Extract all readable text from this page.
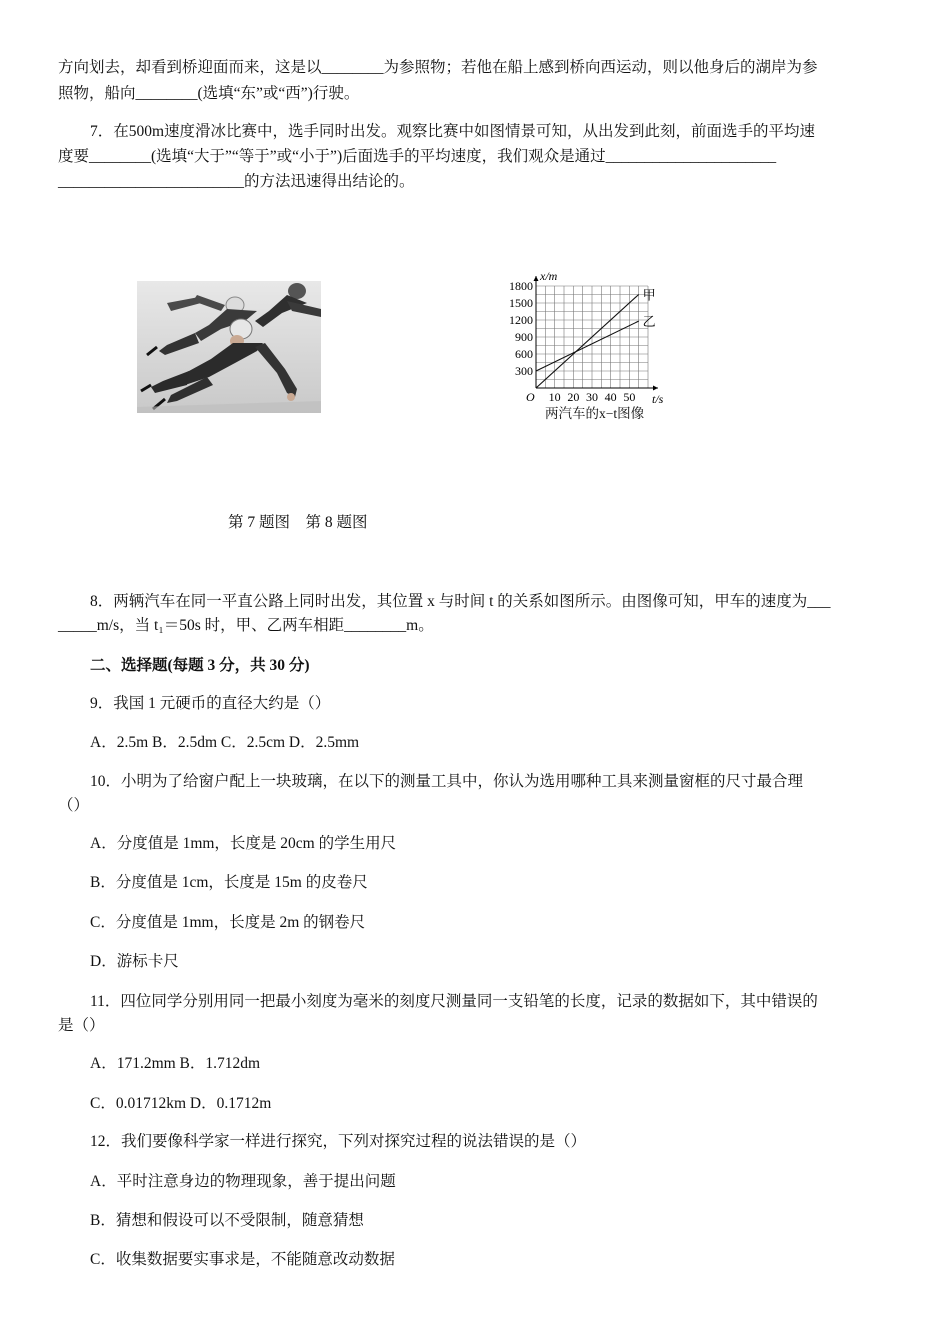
方向划去，却看到桥迎面而来，这是以________为参照物；若他在船上感到桥向西运动，则以他身后的湖岸为参
照物，船向________(选填“东”或“西”)行驶。
7．在500m速度滑冰比赛中，选手同时出发。观察比赛中如图情景可知，从出发到此刻，前面选手的平均速
度要________(选填“大于”“等于”或“小于”)后面选手的平均速度，我们观众是通过______________________
________________________的方法迅速得出结论的。
10 20 30 40 50
300
600
900
1200
1500
1800
O	t/s
x/m
甲
乙
两汽车的x−t图像
第 7 题图　第 8 题图
8．两辆汽车在同一平直公路上同时出发，其位置 x 与时间 t 的关系如图所示。由图像可知，甲车的速度为___
_____m/s，当 t₁＝50s 时，甲、乙两车相距________m。
二、选择题(每题 3 分，共 30 分)
9．我国 1 元硬币的直径大约是（）
A．2.5m B．2.5dm C．2.5cm D．2.5mm
10．小明为了给窗户配上一块玻璃，在以下的测量工具中，你认为选用哪种工具来测量窗框的尺寸最合理
（）
A．分度值是 1mm，长度是 20cm 的学生用尺
B．分度值是 1cm，长度是 15m 的皮卷尺
C．分度值是 1mm，长度是 2m 的钢卷尺
D．游标卡尺
11．四位同学分别用同一把最小刻度为毫米的刻度尺测量同一支铅笔的长度，记录的数据如下，其中错误的
是（）
A．171.2mm B．1.712dm
C．0.01712km D．0.1712m
12．我们要像科学家一样进行探究，下列对探究过程的说法错误的是（）
A．平时注意身边的物理现象，善于提出问题
B．猜想和假设可以不受限制，随意猜想
C．收集数据要实事求是，不能随意改动数据
